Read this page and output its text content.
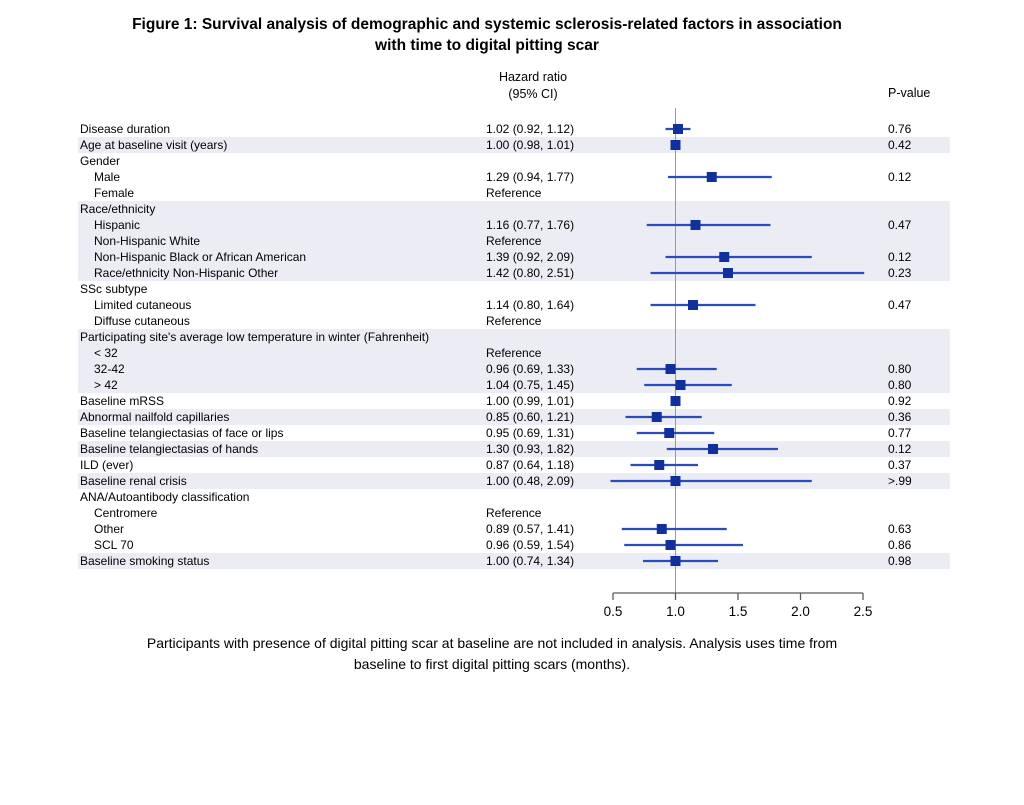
Figure 1: Survival analysis of demographic and systemic sclerosis-related factors in association
with time to digital pitting scar
Hazard ratio
(95% CI)	P-value
Disease duration	1.02 (0.92, 1.12)	0.76
Age at baseline visit (years)	1.00 (0.98, 1.01)	0.42
Gender
Male	1.29 (0.94, 1.77)	0.12
Female	Reference
Race/ethnicity
Hispanic	1.16 (0.77, 1.76)	0.47
Non-Hispanic White	Reference
Non-Hispanic Black or African American	1.39 (0.92, 2.09)	0.12
Race/ethnicity Non-Hispanic Other	1.42 (0.80, 2.51)	0.23
SSc subtype
Limited cutaneous	1.14 (0.80, 1.64)	0.47
Diffuse cutaneous	Reference
Participating site's average low temperature in winter (Fahrenheit)
< 32	Reference
32-42	0.96 (0.69, 1.33)	0.80
> 42	1.04 (0.75, 1.45)	0.80
Baseline mRSS	1.00 (0.99, 1.01)	0.92
Abnormal nailfold capillaries	0.85 (0.60, 1.21)	0.36
Baseline telangiectasias of face or lips	0.95 (0.69, 1.31)	0.77
Baseline telangiectasias of hands	1.30 (0.93, 1.82)	0.12
ILD (ever)	0.87 (0.64, 1.18)	0.37
Baseline renal crisis	1.00 (0.48, 2.09)	>.99
ANA/Autoantibody classification
Centromere	Reference
Other	0.89 (0.57, 1.41)	0.63
SCL 70	0.96 (0.59, 1.54)	0.86
Baseline smoking status	1.00 (0.74, 1.34)	0.98
0.5	1.0	1.5	2.0	2.5
Participants with presence of digital pitting scar at baseline are not included in analysis. Analysis uses time from
baseline to first digital pitting scars (months).
